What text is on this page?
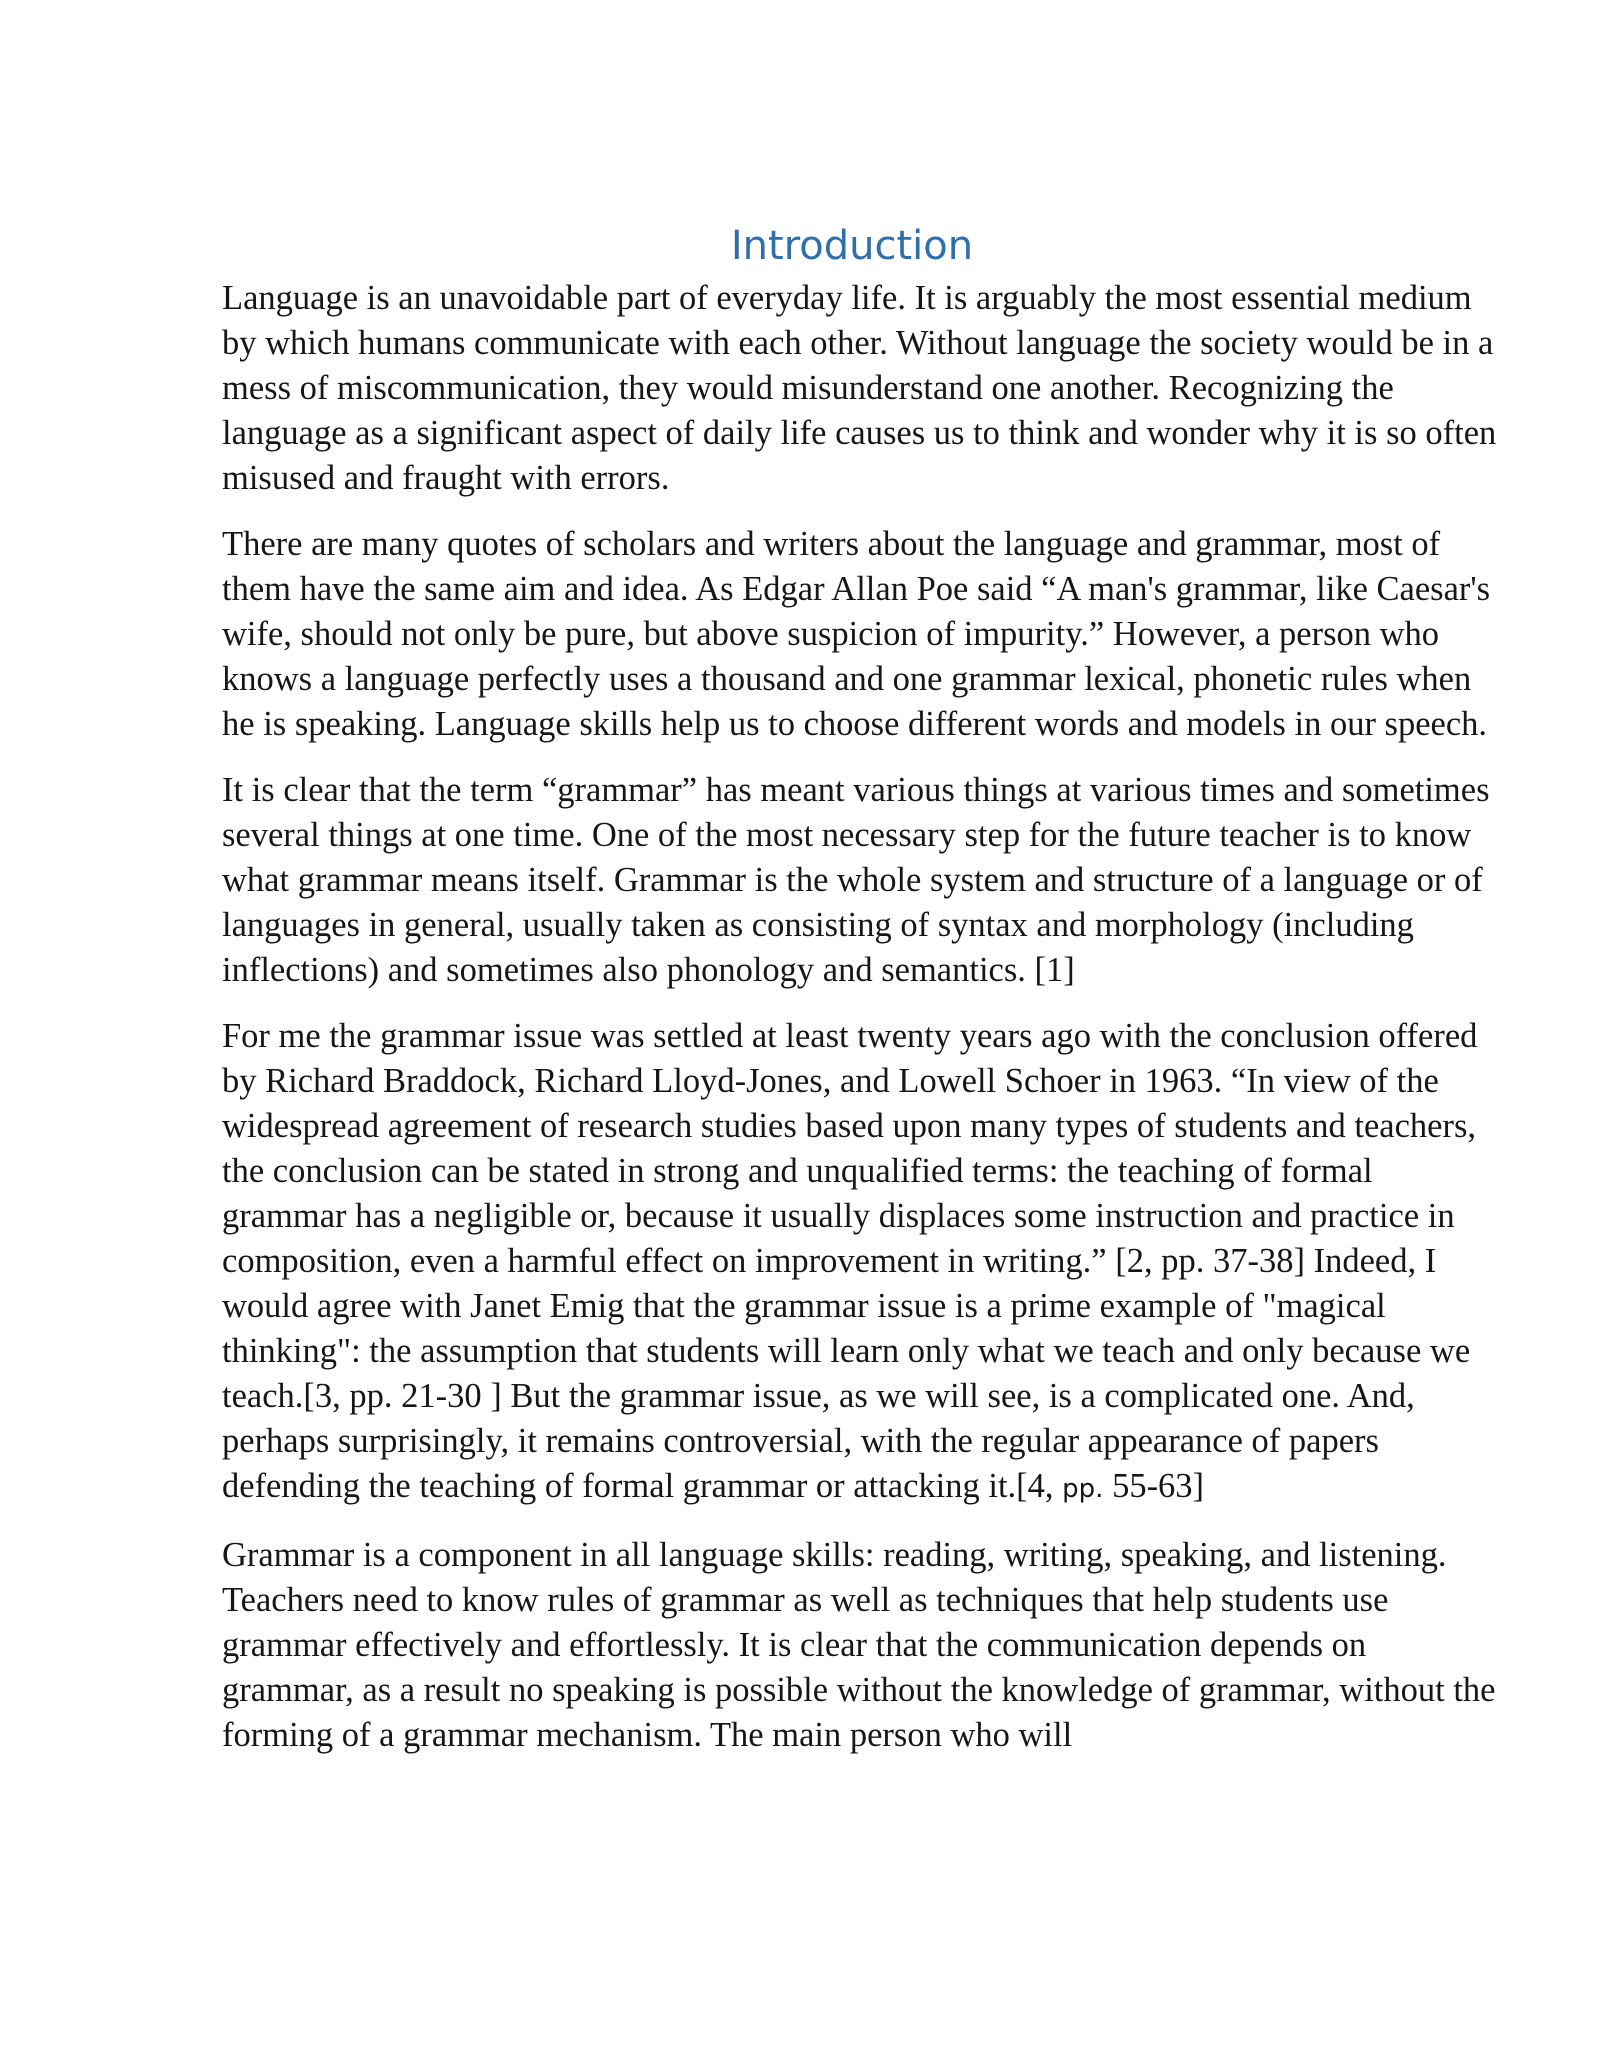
Introduction

Language is an unavoidable part of everyday life. It is arguably the most essential medium by which humans communicate with each other. Without language the society would be in a mess of miscommunication, they would misunderstand one another. Recognizing the language as a significant aspect of daily life causes us to think and wonder why it is so often misused and fraught with errors.

There are many quotes of scholars and writers about the language and grammar, most of them have the same aim and idea. As Edgar Allan Poe said “A man's grammar, like Caesar's wife, should not only be pure, but above suspicion of impurity.” However, a person who knows a language perfectly uses a thousand and one grammar lexical, phonetic rules when he is speaking. Language skills help us to choose different words and models in our speech.

It is clear that the term “grammar” has meant various things at various times and sometimes several things at one time. One of the most necessary step for the future teacher is to know what grammar means itself. Grammar is the whole system and structure of a language or of languages in general, usually taken as consisting of syntax and morphology (including inflections) and sometimes also phonology and semantics. [1]

For me the grammar issue was settled at least twenty years ago with the conclusion offered by Richard Braddock, Richard Lloyd-Jones, and Lowell Schoer in 1963. “In view of the widespread agreement of research studies based upon many types of students and teachers, the conclusion can be stated in strong and unqualified terms: the teaching of formal grammar has a negligible or, because it usually displaces some instruction and practice in composition, even a harmful effect on improvement in writing.” [2, pp. 37-38] Indeed, I would agree with Janet Emig that the grammar issue is a prime example of "magical thinking": the assumption that students will learn only what we teach and only because we teach.[3, pp. 21-30 ] But the grammar issue, as we will see, is a complicated one. And, perhaps surprisingly, it remains controversial, with the regular appearance of papers defending the teaching of formal grammar or attacking it.[4, pp. 55-63]

Grammar is a component in all language skills: reading, writing, speaking, and listening. Teachers need to know rules of grammar as well as techniques that help students use grammar effectively and effortlessly. It is clear that the communication depends on grammar, as a result no speaking is possible without the knowledge of grammar, without the forming of a grammar mechanism. The main person who will
